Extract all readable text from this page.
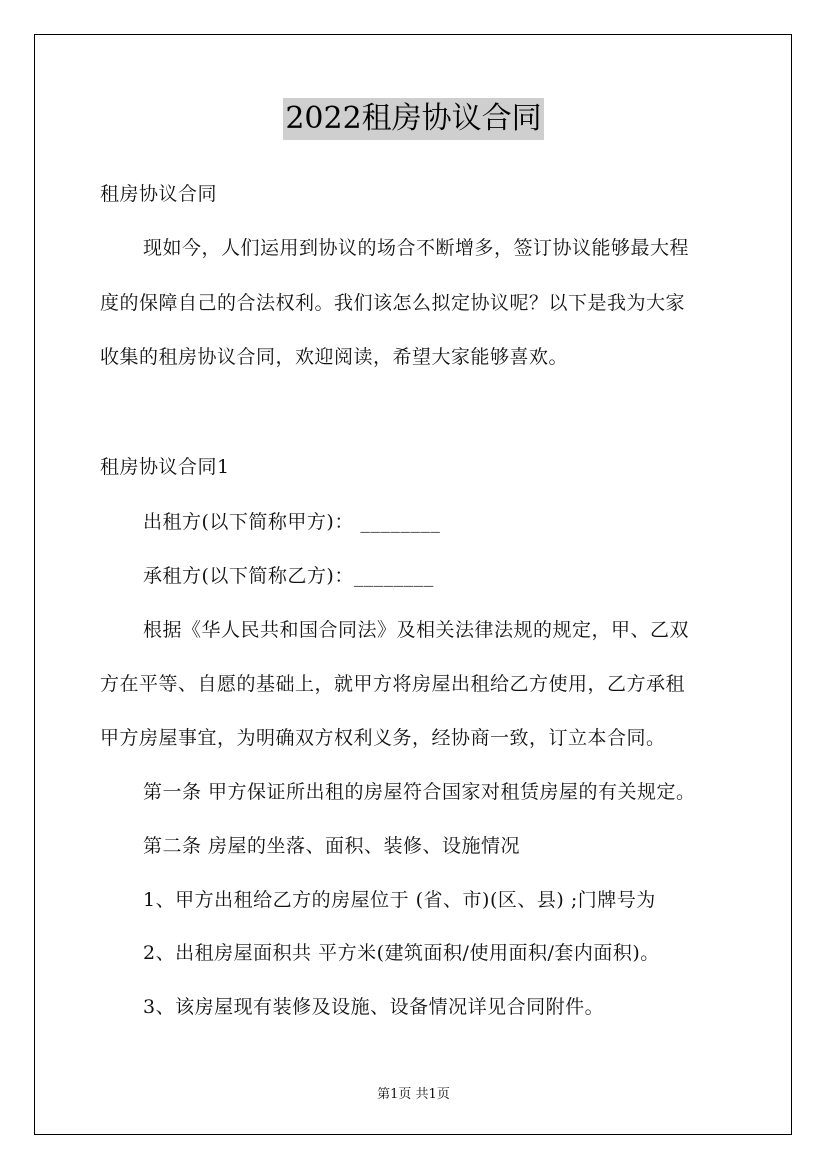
2022租房协议合同
租房协议合同
现如今，人们运用到协议的场合不断增多，签订协议能够最大程
度的保障自己的合法权利。我们该怎么拟定协议呢？以下是我为大家
收集的租房协议合同，欢迎阅读，希望大家能够喜欢。
租房协议合同1
出租方(以下简称甲方)： ________
承租方(以下简称乙方)：________
根据《华人民共和国合同法》及相关法律法规的规定，甲、乙双
方在平等、自愿的基础上，就甲方将房屋出租给乙方使用，乙方承租
甲方房屋事宜，为明确双方权利义务，经协商一致，订立本合同。
第一条 甲方保证所出租的房屋符合国家对租赁房屋的有关规定。
第二条 房屋的坐落、面积、装修、设施情况
1、甲方出租给乙方的房屋位于 (省、市)(区、县) ;门牌号为
2、出租房屋面积共 平方米(建筑面积/使用面积/套内面积)。
3、该房屋现有装修及设施、设备情况详见合同附件。
第1页 共1页
